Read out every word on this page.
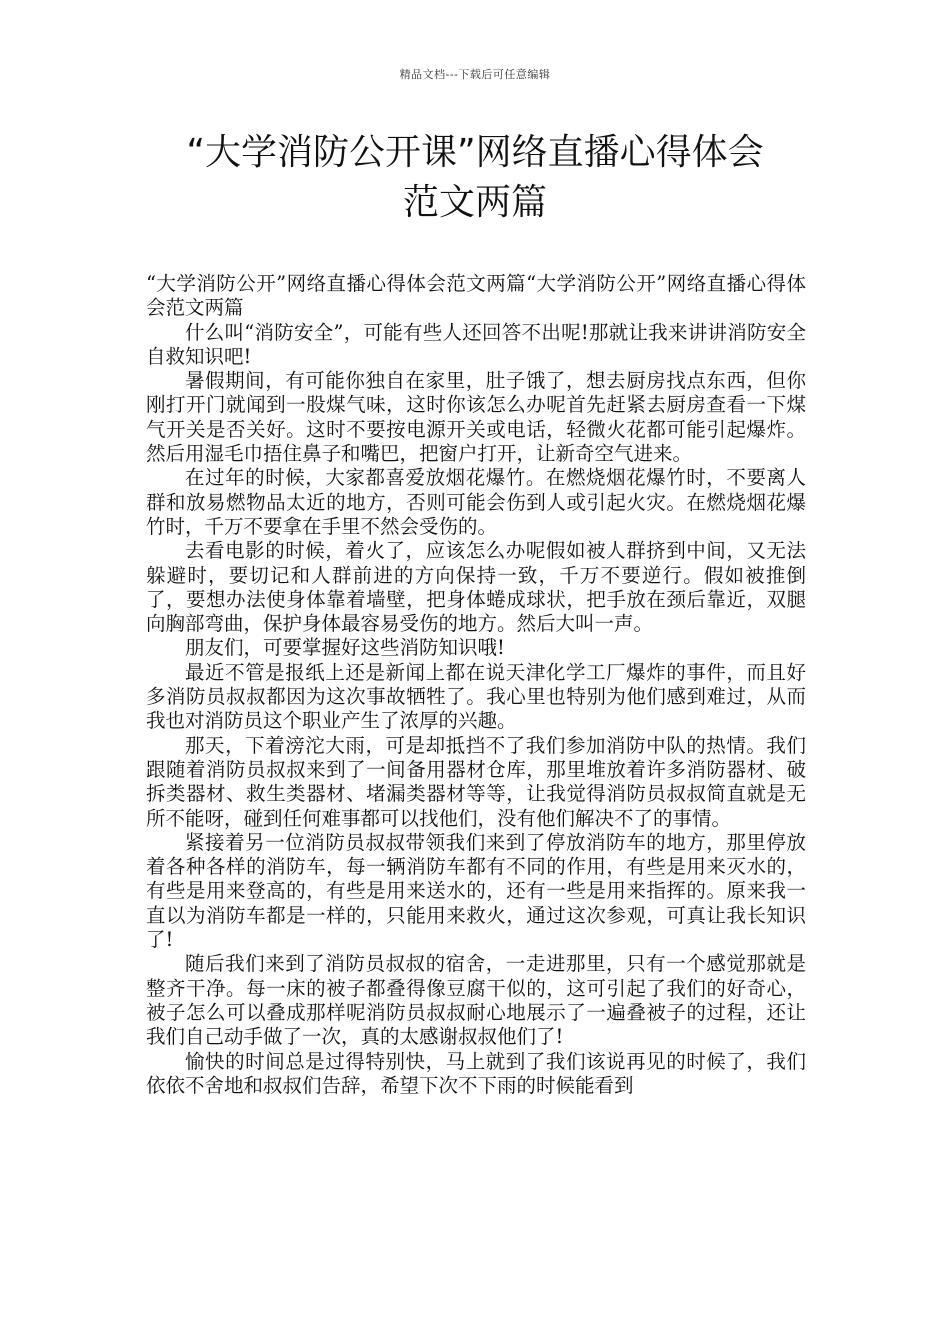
精品文档---下载后可任意编辑
“大学消防公开课”网络直播心得体会
范文两篇

“大学消防公开”网络直播心得体会范文两篇“大学消防公开”网络直播心得体会范文两篇

什么叫“消防安全”，可能有些人还回答不出呢!那就让我来讲讲消防安全自救知识吧!

暑假期间，有可能你独自在家里，肚子饿了，想去厨房找点东西，但你刚打开门就闻到一股煤气味，这时你该怎么办呢首先赶紧去厨房查看一下煤气开关是否关好。这时不要按电源开关或电话，轻微火花都可能引起爆炸。然后用湿毛巾捂住鼻子和嘴巴，把窗户打开，让新奇空气进来。

在过年的时候，大家都喜爱放烟花爆竹。在燃烧烟花爆竹时，不要离人群和放易燃物品太近的地方，否则可能会伤到人或引起火灾。在燃烧烟花爆竹时，千万不要拿在手里不然会受伤的。

去看电影的时候，着火了，应该怎么办呢假如被人群挤到中间，又无法躲避时，要切记和人群前进的方向保持一致，千万不要逆行。假如被推倒了，要想办法使身体靠着墙壁，把身体蜷成球状，把手放在颈后靠近，双腿向胸部弯曲，保护身体最容易受伤的地方。然后大叫一声。

朋友们，可要掌握好这些消防知识哦!

最近不管是报纸上还是新闻上都在说天津化学工厂爆炸的事件，而且好多消防员叔叔都因为这次事故牺牲了。我心里也特别为他们感到难过，从而我也对消防员这个职业产生了浓厚的兴趣。

那天，下着滂沱大雨，可是却抵挡不了我们参加消防中队的热情。我们跟随着消防员叔叔来到了一间备用器材仓库，那里堆放着许多消防器材、破拆类器材、救生类器材、堵漏类器材等等，让我觉得消防员叔叔简直就是无所不能呀，碰到任何难事都可以找他们，没有他们解决不了的事情。

紧接着另一位消防员叔叔带领我们来到了停放消防车的地方，那里停放着各种各样的消防车，每一辆消防车都有不同的作用，有些是用来灭水的，有些是用来登高的，有些是用来送水的，还有一些是用来指挥的。原来我一直以为消防车都是一样的，只能用来救火，通过这次参观，可真让我长知识了!

随后我们来到了消防员叔叔的宿舍，一走进那里，只有一个感觉那就是整齐干净。每一床的被子都叠得像豆腐干似的，这可引起了我们的好奇心，被子怎么可以叠成那样呢消防员叔叔耐心地展示了一遍叠被子的过程，还让我们自己动手做了一次，真的太感谢叔叔他们了!

愉快的时间总是过得特别快，马上就到了我们该说再见的时候了，我们依依不舍地和叔叔们告辞，希望下次不下雨的时候能看到
